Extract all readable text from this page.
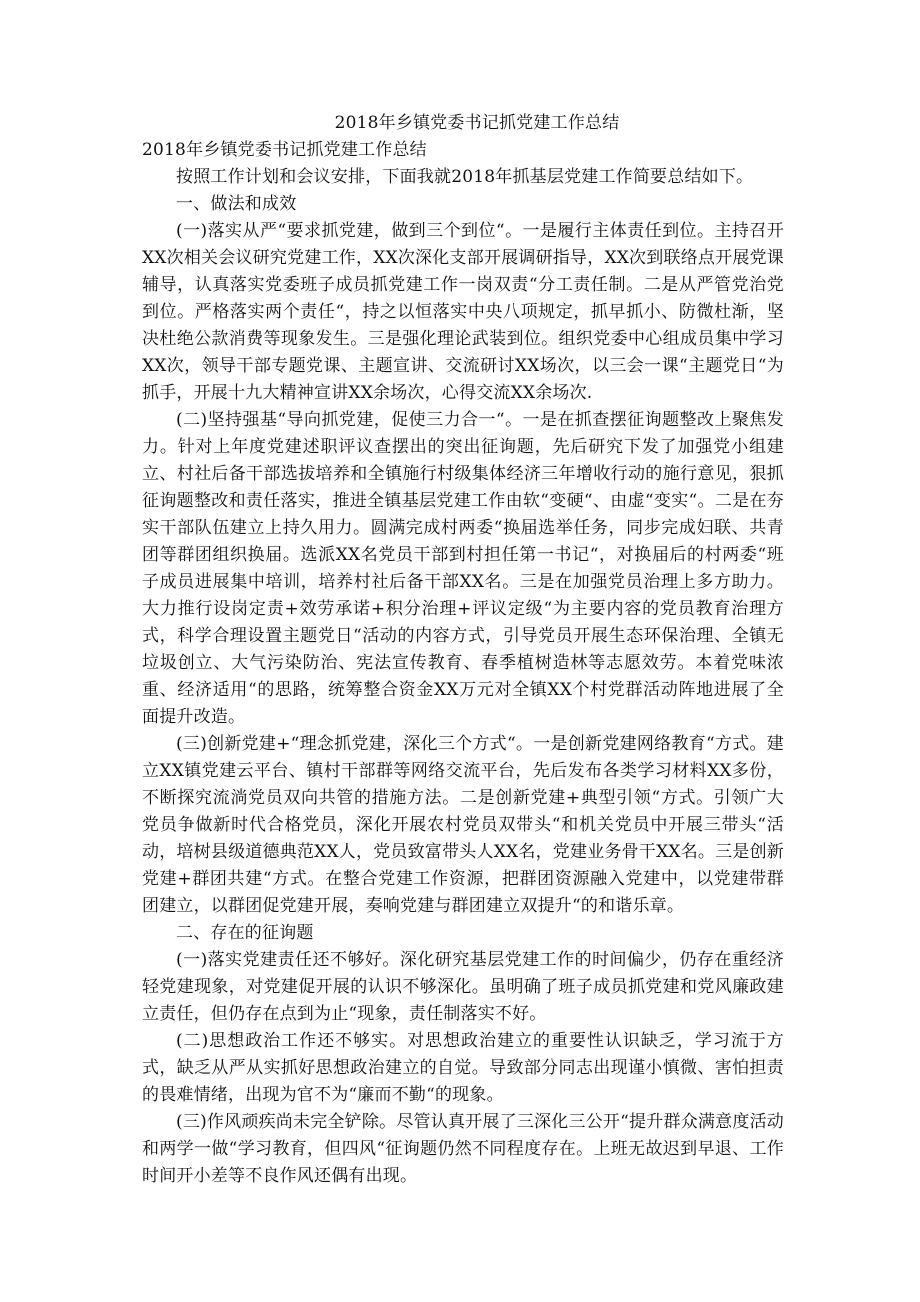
2018年乡镇党委书记抓党建工作总结

2018年乡镇党委书记抓党建工作总结

按照工作计划和会议安排，下面我就2018年抓基层党建工作简要总结如下。

一、做法和成效

(一)落实从严“要求抓党建，做到三个到位“。一是履行主体责任到位。主持召开XX次相关会议研究党建工作，XX次深化支部开展调研指导，XX次到联络点开展党课辅导，认真落实党委班子成员抓党建工作一岗双责“分工责任制。二是从严管党治党到位。严格落实两个责任“，持之以恒落实中央八项规定，抓早抓小、防微杜渐，坚决杜绝公款消费等现象发生。三是强化理论武装到位。组织党委中心组成员集中学习XX次，领导干部专题党课、主题宣讲、交流研讨XX场次，以三会一课“主题党日“为抓手，开展十九大精神宣讲XX余场次，心得交流XX余场次.

(二)坚持强基“导向抓党建，促使三力合一“。一是在抓查摆征询题整改上聚焦发力。针对上年度党建述职评议查摆出的突出征询题，先后研究下发了加强党小组建立、村社后备干部选拔培养和全镇施行村级集体经济三年增收行动的施行意见，狠抓征询题整改和责任落实，推进全镇基层党建工作由软“变硬“、由虚“变实“。二是在夯实干部队伍建立上持久用力。圆满完成村两委“换届选举任务，同步完成妇联、共青团等群团组织换届。选派XX名党员干部到村担任第一书记“，对换届后的村两委“班子成员进展集中培训，培养村社后备干部XX名。三是在加强党员治理上多方助力。大力推行设岗定责+效劳承诺+积分治理+评议定级“为主要内容的党员教育治理方式，科学合理设置主题党日“活动的内容方式，引导党员开展生态环保治理、全镇无垃圾创立、大气污染防治、宪法宣传教育、春季植树造林等志愿效劳。本着党味浓重、经济适用“的思路，统筹整合资金XX万元对全镇XX个村党群活动阵地进展了全面提升改造。

(三)创新党建+“理念抓党建，深化三个方式“。一是创新党建网络教育“方式。建立XX镇党建云平台、镇村干部群等网络交流平台，先后发布各类学习材料XX多份，不断探究流淌党员双向共管的措施方法。二是创新党建+典型引领“方式。引领广大党员争做新时代合格党员，深化开展农村党员双带头“和机关党员中开展三带头“活动，培树县级道德典范XX人，党员致富带头人XX名，党建业务骨干XX名。三是创新党建+群团共建“方式。在整合党建工作资源，把群团资源融入党建中，以党建带群团建立，以群团促党建开展，奏响党建与群团建立双提升“的和谐乐章。

二、存在的征询题

(一)落实党建责任还不够好。深化研究基层党建工作的时间偏少，仍存在重经济轻党建现象，对党建促开展的认识不够深化。虽明确了班子成员抓党建和党风廉政建立责任，但仍存在点到为止“现象，责任制落实不好。

(二)思想政治工作还不够实。对思想政治建立的重要性认识缺乏，学习流于方式，缺乏从严从实抓好思想政治建立的自觉。导致部分同志出现谨小慎微、害怕担责的畏难情绪，出现为官不为“廉而不勤“的现象。

(三)作风顽疾尚未完全铲除。尽管认真开展了三深化三公开“提升群众满意度活动和两学一做“学习教育，但四风“征询题仍然不同程度存在。上班无故迟到早退、工作时间开小差等不良作风还偶有出现。
